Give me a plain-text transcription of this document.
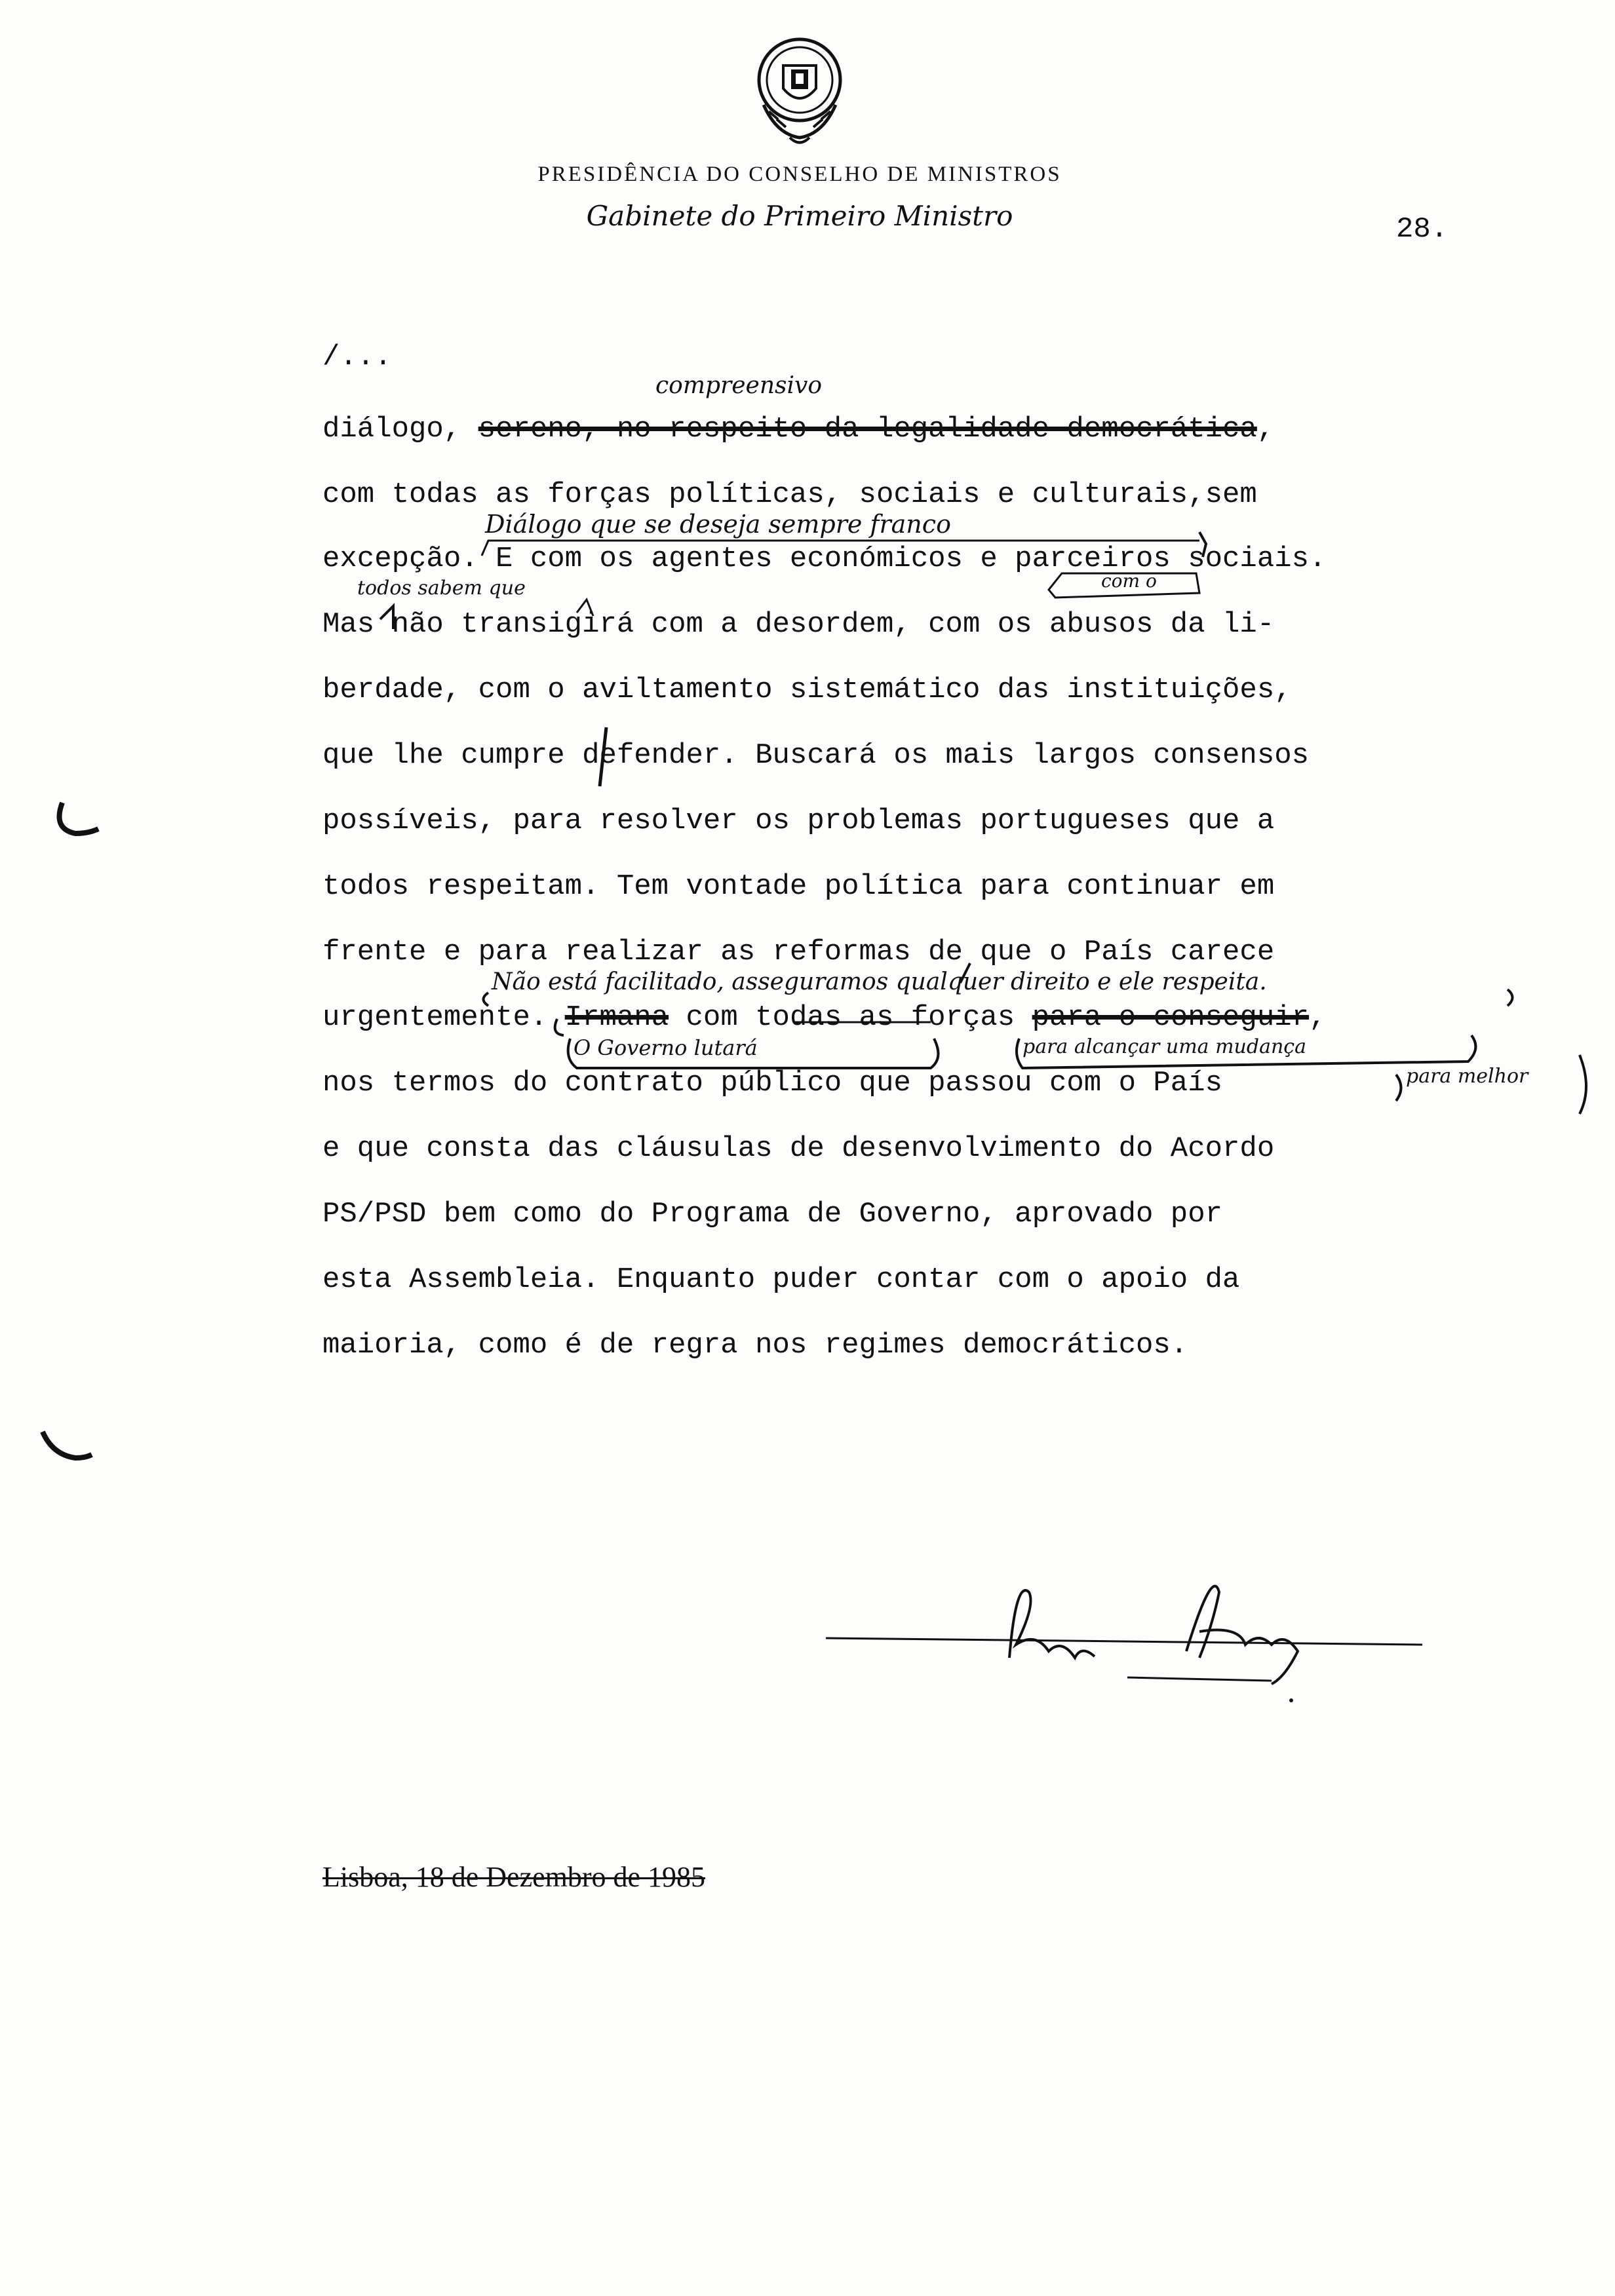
PRESIDÊNCIA DO CONSELHO DE MINISTROS
Gabinete do Primeiro Ministro	28.
/...
diálogo, sereno, no respeito da legalidade democrática,
com todas as forças políticas, sociais e culturais,sem
excepção. E com os agentes económicos e parceiros sociais.
Mas não transigirá com a desordem, com os abusos da li-
berdade, com o aviltamento sistemático das instituições,
que lhe cumpre defender. Buscará os mais largos consensos
possíveis, para resolver os problemas portugueses que a
todos respeitam. Tem vontade política para continuar em
frente e para realizar as reformas de que o País carece
urgentemente. Irmana com todas as forças para o conseguir,
nos termos do contrato público que passou com o País
e que consta das cláusulas de desenvolvimento do Acordo
PS/PSD bem como do Programa de Governo, aprovado por
esta Assembleia. Enquanto puder contar com o apoio da
maioria, como é de regra nos regimes democráticos.
compreensivo
Diálogo que se deseja sempre franco
todos sabem que	com o
Não está facilitado, asseguramos qualquer direito e ele respeita.
O Governo lutará	para alcançar uma mudança
para melhor
Lisboa, 18 de Dezembro de 1985
